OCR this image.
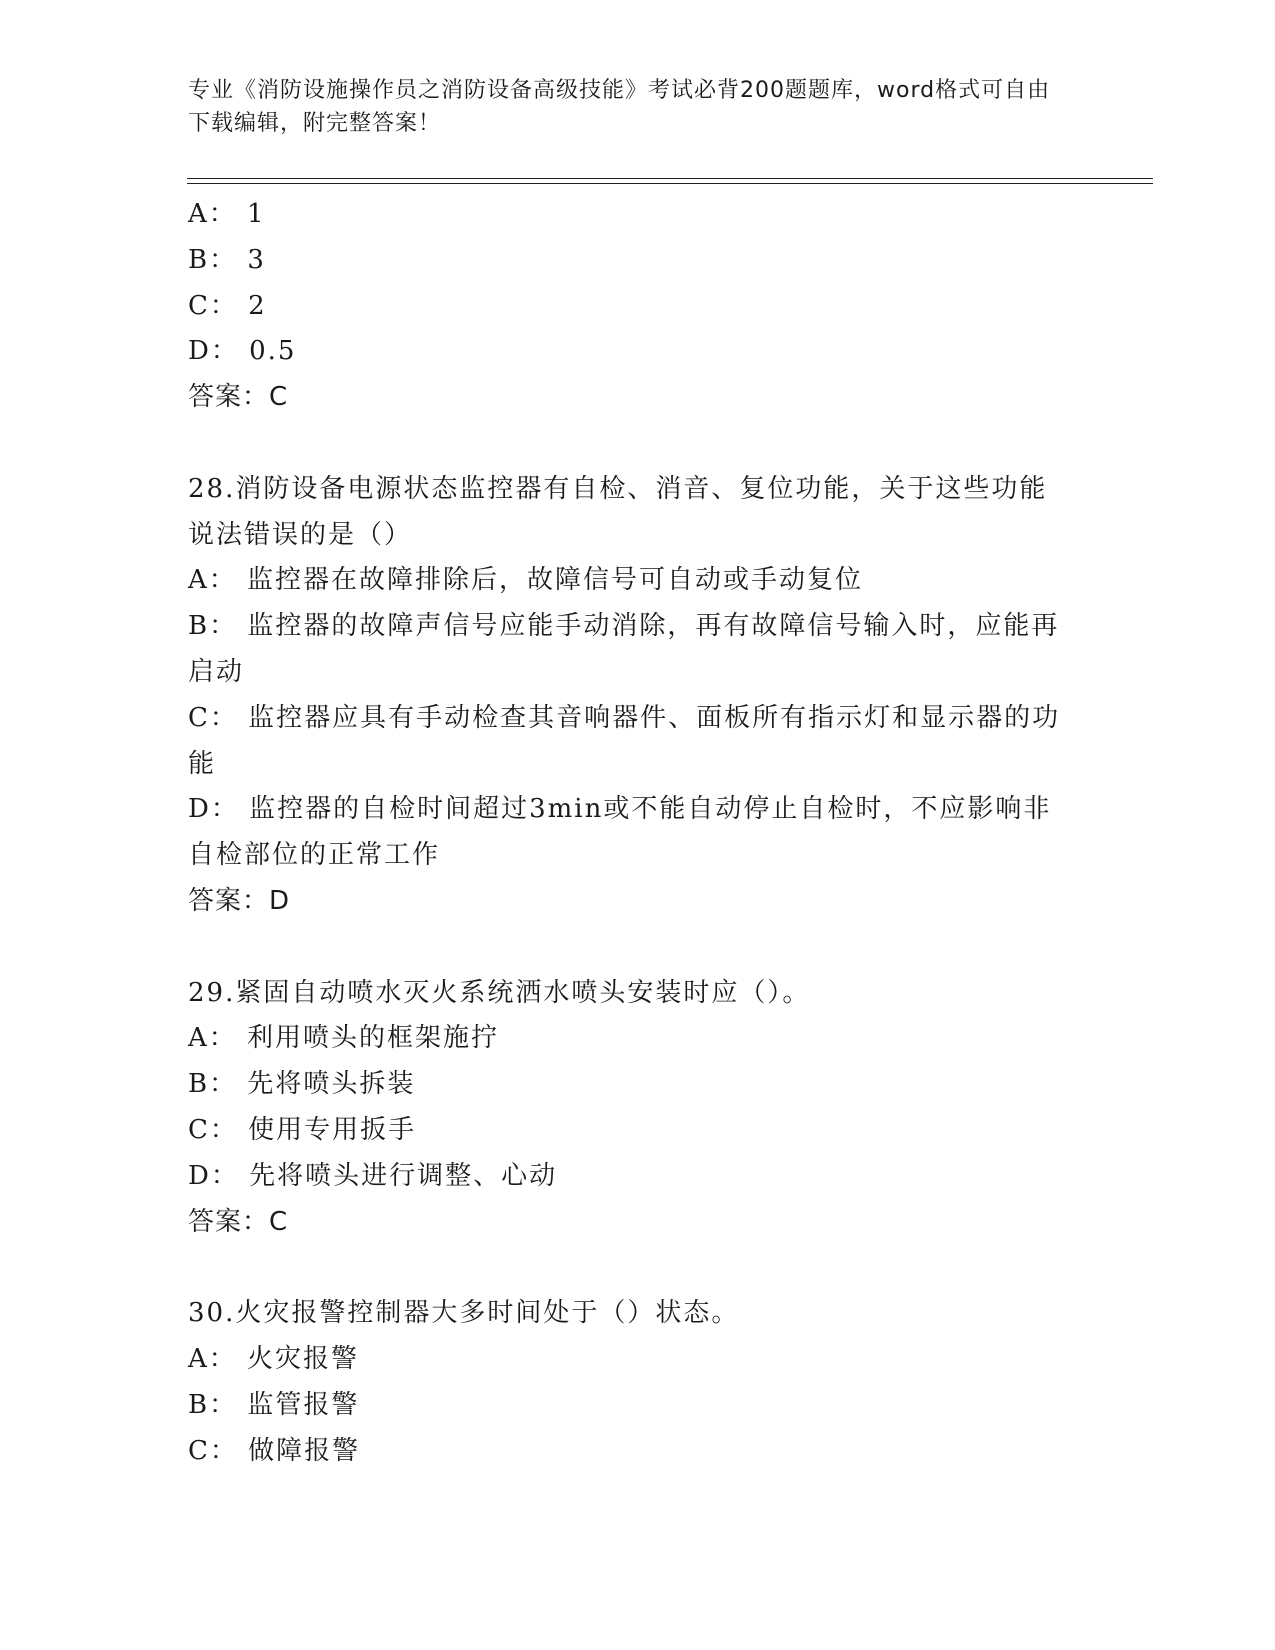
专业《消防设施操作员之消防设备高级技能》考试必背200题题库，word格式可自由下载编辑，附完整答案！
A： 1
B： 3
C： 2
D： 0.5
答案：C
28.消防设备电源状态监控器有自检、消音、复位功能，关于这些功能
说法错误的是（）
A： 监控器在故障排除后，故障信号可自动或手动复位
B： 监控器的故障声信号应能手动消除，再有故障信号输入时，应能再
启动
C： 监控器应具有手动检查其音响器件、面板所有指示灯和显示器的功
能
D： 监控器的自检时间超过3min或不能自动停止自检时，不应影响非
自检部位的正常工作
答案：D
29.紧固自动喷水灭火系统洒水喷头安装时应（）。
A： 利用喷头的框架施拧
B： 先将喷头拆装
C： 使用专用扳手
D： 先将喷头进行调整、心动
答案：C
30.火灾报警控制器大多时间处于（）状态。
A： 火灾报警
B： 监管报警
C： 做障报警
